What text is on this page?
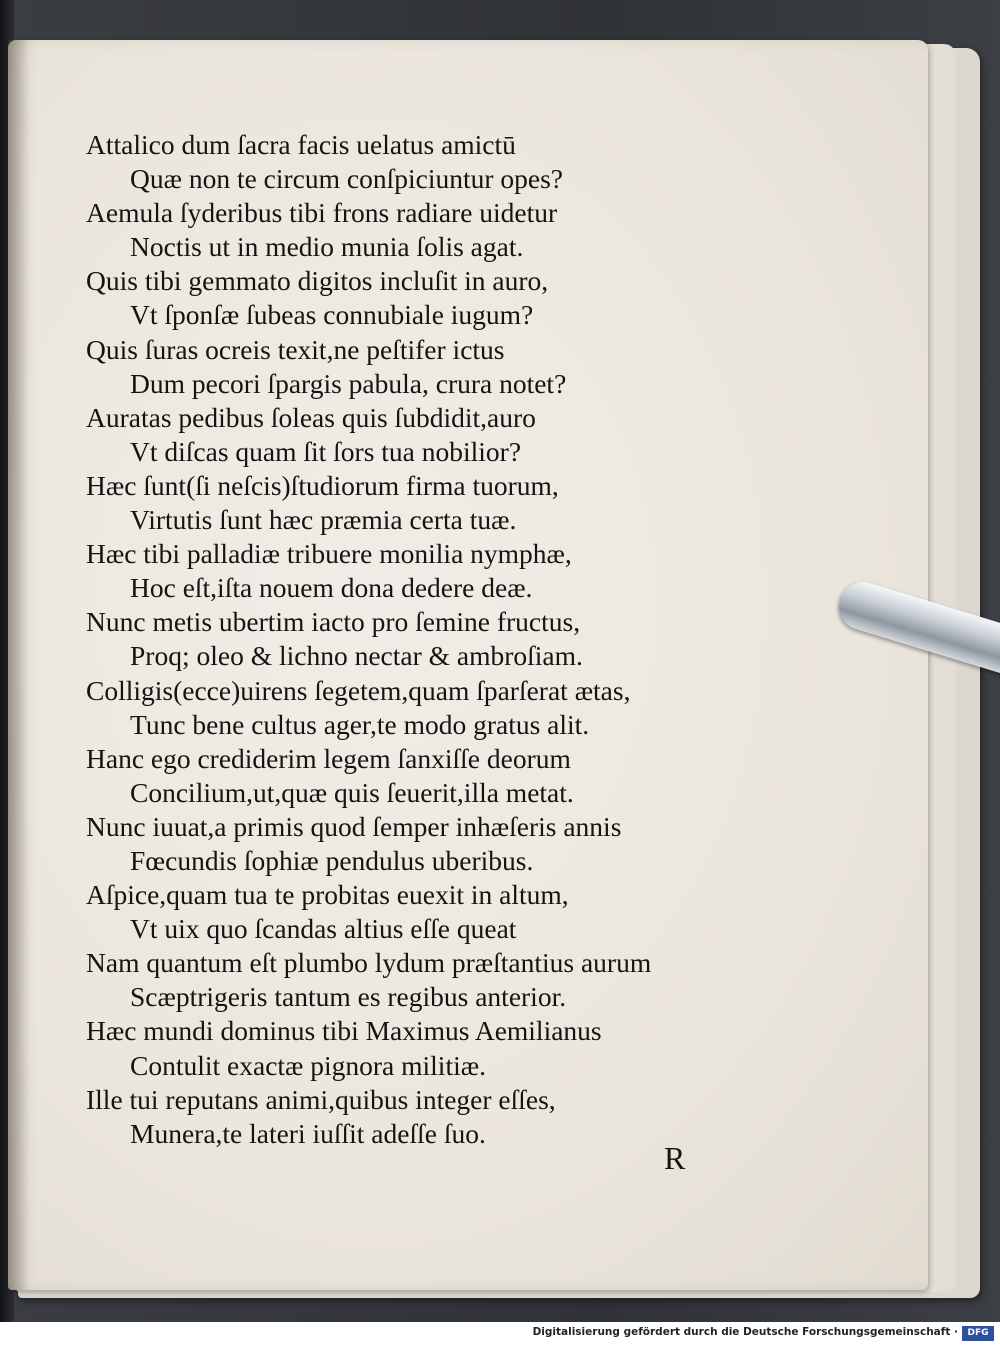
Attalico dum ſacra facis uelatus amictū
Quæ non te circum conſpiciuntur opes?
Aemula ſyderibus tibi frons radiare uidetur
Noctis ut in medio munia ſolis agat.
Quis tibi gemmato digitos incluſit in auro,
Vt ſponſæ ſubeas connubiale iugum?
Quis ſuras ocreis texit,ne peſtifer ictus
Dum pecori ſpargis pabula, crura notet?
Auratas pedibus ſoleas quis ſubdidit,auro
Vt diſcas quam ſit ſors tua nobilior?
Hæc ſunt(ſi neſcis)ſtudiorum firma tuorum,
Virtutis ſunt hæc præmia certa tuæ.
Hæc tibi palladiæ tribuere monilia nymphæ,
Hoc eſt,iſta nouem dona dedere deæ.
Nunc metis ubertim iacto pro ſemine fructus,
Proq; oleo & lichno nectar & ambroſiam.
Colligis(ecce)uirens ſegetem,quam ſparſerat ætas,
Tunc bene cultus ager,te modo gratus alit.
Hanc ego crediderim legem ſanxiſſe deorum
Concilium,ut,quæ quis ſeuerit,illa metat.
Nunc iuuat,a primis quod ſemper inhæſeris annis
Fœcundis ſophiæ pendulus uberibus.
Aſpice,quam tua te probitas euexit in altum,
Vt uix quo ſcandas altius eſſe queat
Nam quantum eſt plumbo lydum præſtantius aurum
Scæptrigeris tantum es regibus anterior.
Hæc mundi dominus tibi Maximus Aemilianus
Contulit exactæ pignora militiæ.
Ille tui reputans animi,quibus integer eſſes,
Munera,te lateri iuſſit adeſſe ſuo.
R
Digitalisierung gefördert durch die Deutsche Forschungsgemeinschaft ·	DFG
